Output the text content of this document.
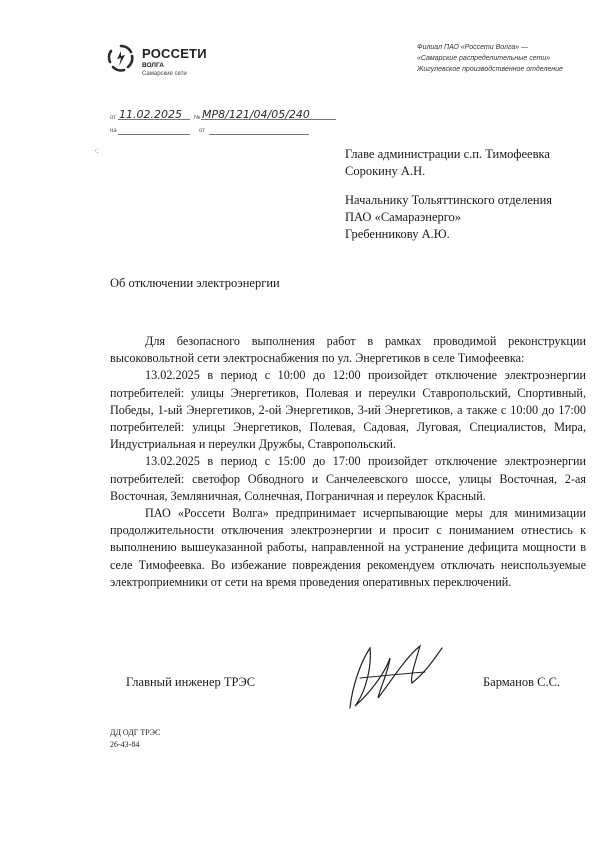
РОССЕТИ
ВОЛГА
Самарские сети
Филиал ПАО «Россети Волга» —
«Самарские распределительные сети»
Жигулевское производственное отделение
от 11.02.2025 № МР8/121/04/05/240
на	от
·:	Главе администрации с.п. Тимофеевка
Сорокину А.Н.
Начальнику Тольяттинского отделения
ПАО «Самараэнерго»
Гребенникову А.Ю.
Об отключении электроэнергии

Для безопасного выполнения работ в рамках проводимой реконструкции высоковольтной сети электроснабжения по ул. Энергетиков в селе Тимофеевка:

13.02.2025 в период с 10:00 до 12:00 произойдет отключение электроэнергии потребителей: улицы Энергетиков, Полевая и переулки Ставропольский, Спортивный, Победы, 1-ый Энергетиков, 2-ой Энергетиков, 3-ий Энергетиков, а также с 10:00 до 17:00 потребителей: улицы Энергетиков, Полевая, Садовая, Луговая, Специалистов, Мира, Индустриальная и переулки Дружбы, Ставропольский.

13.02.2025 в период с 15:00 до 17:00 произойдет отключение электроэнергии потребителей: светофор Обводного и Санчелеевского шоссе, улицы Восточная, 2-ая Восточная, Земляничная, Солнечная, Пограничная и переулок Красный.

ПАО «Россети Волга» предпринимает исчерпывающие меры для минимизации продолжительности отключения электроэнергии и просит с пониманием отнестись к выполнению вышеуказанной работы, направленной на устранение дефицита мощности в селе Тимофеевка. Во избежание повреждения рекомендуем отключать неиспользуемые электроприемники от сети на время проведения оперативных переключений.

Главный инженер ТРЭС	Барманов С.С.
ДД ОДГ ТРЭС
26-43-84
